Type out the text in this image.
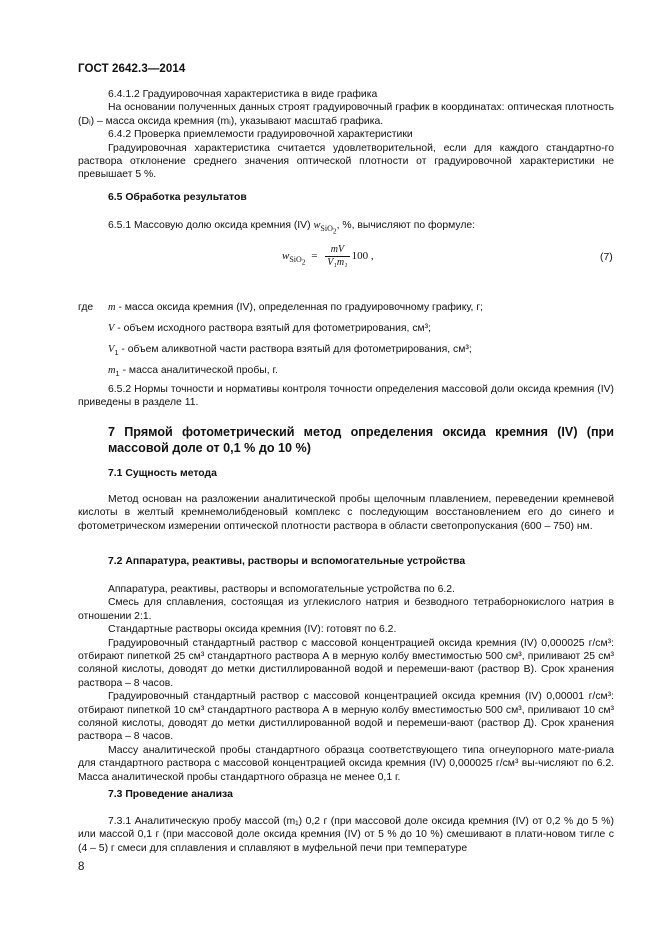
ГОСТ 2642.3—2014

6.4.1.2 Градуировочная характеристика в виде графика

На основании полученных данных строят градуировочный график в координатах: оптическая плотность (Dᵢ) – масса оксида кремния (mᵢ), указывают масштаб графика.

6.4.2 Проверка приемлемости градуировочной характеристики

Градуировочная характеристика считается удовлетворительной, если для каждого стандартно-го раствора отклонение среднего значения оптической плотности от градуировочной характеристики не превышает 5 %.

6.5 Обработка результатов

6.5.1 Массовую долю оксида кремния (IV) $w_{SiO_2}$, %, вычисляют по формуле:

$w_{SiO_2} = \frac{mV}{\text{V₁m₁}} 100$ ,	(7)
где m - масса оксида кремния (IV), определенная по градуировочному графику, г;
V - объем исходного раствора взятый для фотометрирования, см³;
$V_1$ - объем аликвотной части раствора взятый для фотометрирования, см³;
$m_1$ - масса аналитической пробы, г.

6.5.2 Нормы точности и нормативы контроля точности определения массовой доли оксида кремния (IV) приведены в разделе 11.

7 Прямой фотометрический метод определения оксида кремния (IV) (при массовой доле от 0,1 % до 10 %)

7.1 Сущность метода

Метод основан на разложении аналитической пробы щелочным плавлением, переведении кремневой кислоты в желтый кремнемолибденовый комплекс с последующим восстановлением его до синего и фотометрическом измерении оптической плотности раствора в области светопропускания (600 – 750) нм.

7.2 Аппаратура, реактивы, растворы и вспомогательные устройства

Аппаратура, реактивы, растворы и вспомогательные устройства по 6.2.

Смесь для сплавления, состоящая из углекислого натрия и безводного тетраборнокислого натрия в отношении 2:1.

Стандартные растворы оксида кремния (IV): готовят по 6.2.

Градуировочный стандартный раствор с массовой концентрацией оксида кремния (IV) 0,000025 г/см³: отбирают пипеткой 25 см³ стандартного раствора А в мерную колбу вместимостью 500 см³, приливают 25 см³ соляной кислоты, доводят до метки дистиллированной водой и перемеши-вают (раствор В). Срок хранения раствора – 8 часов.

Градуировочный стандартный раствор с массовой концентрацией оксида кремния (IV) 0,00001 г/см³: отбирают пипеткой 10 см³ стандартного раствора А в мерную колбу вместимостью 500 см³, приливают 10 см³ соляной кислоты, доводят до метки дистиллированной водой и перемеши-вают (раствор Д). Срок хранения раствора – 8 часов.

Массу аналитической пробы стандартного образца соответствующего типа огнеупорного мате-риала для стандартного раствора с массовой концентрацией оксида кремния (IV) 0,000025 г/см³ вы-числяют по 6.2. Масса аналитической пробы стандартного образца не менее 0,1 г.

7.3 Проведение анализа

7.3.1 Аналитическую пробу массой (m₁) 0,2 г (при массовой доле оксида кремния (IV) от 0,2 % до 5 %) или массой 0,1 г (при массовой доле оксида кремния (IV) от 5 % до 10 %) смешивают в плати-новом тигле с (4 – 5) г смеси для сплавления и сплавляют в муфельной печи при температуре

8
